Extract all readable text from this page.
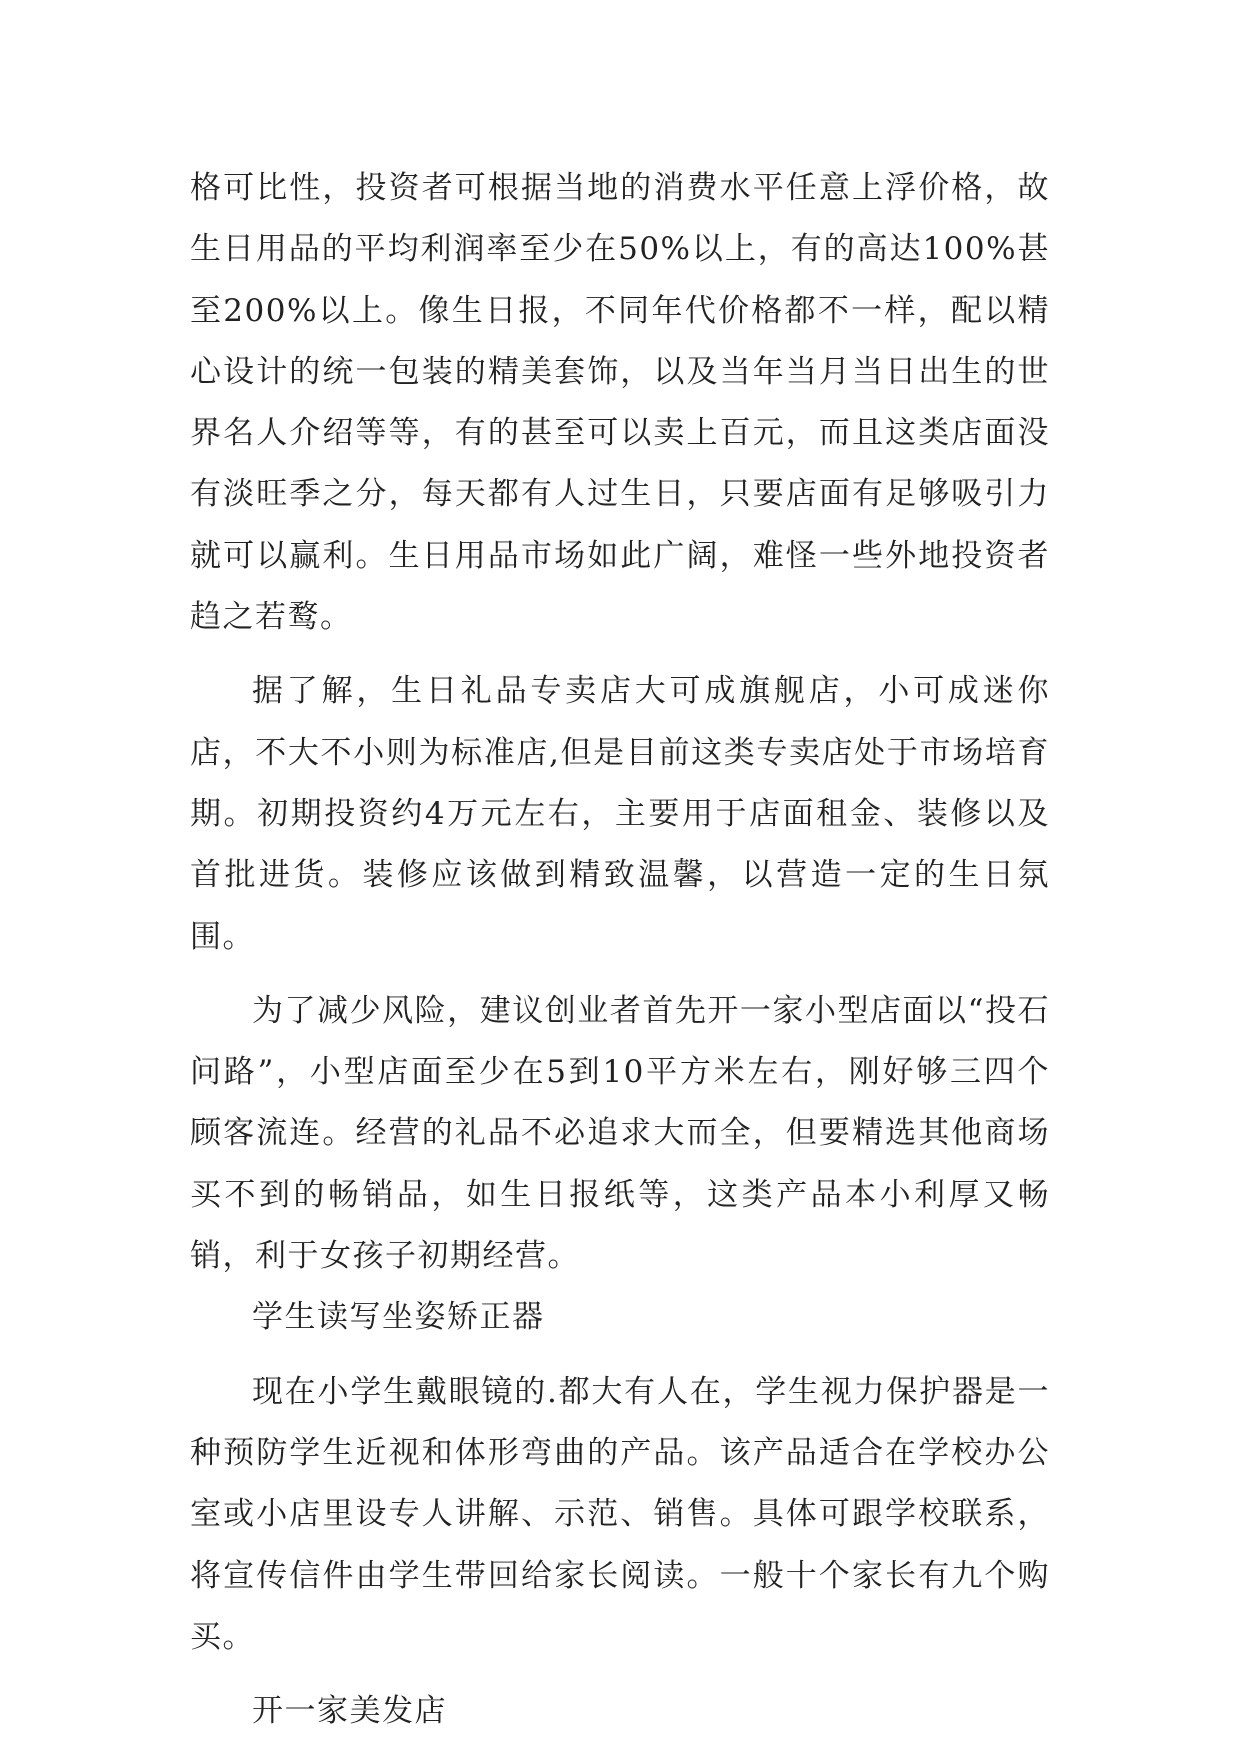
格可比性，投资者可根据当地的消费水平任意上浮价格，故生日用品的平均利润率至少在50%以上，有的高达100%甚至200%以上。像生日报，不同年代价格都不一样，配以精心设计的统一包装的精美套饰，以及当年当月当日出生的世界名人介绍等等，有的甚至可以卖上百元，而且这类店面没有淡旺季之分，每天都有人过生日，只要店面有足够吸引力就可以赢利。生日用品市场如此广阔，难怪一些外地投资者趋之若鹜。

据了解，生日礼品专卖店大可成旗舰店，小可成迷你店，不大不小则为标准店,但是目前这类专卖店处于市场培育期。初期投资约4万元左右，主要用于店面租金、装修以及首批进货。装修应该做到精致温馨，以营造一定的生日氛围。

为了减少风险，建议创业者首先开一家小型店面以“投石问路”，小型店面至少在5到10平方米左右，刚好够三四个顾客流连。经营的礼品不必追求大而全，但要精选其他商场买不到的畅销品，如生日报纸等，这类产品本小利厚又畅销，利于女孩子初期经营。

学生读写坐姿矫正器

现在小学生戴眼镜的.都大有人在，学生视力保护器是一种预防学生近视和体形弯曲的产品。该产品适合在学校办公室或小店里设专人讲解、示范、销售。具体可跟学校联系，将宣传信件由学生带回给家长阅读。一般十个家长有九个购买。

开一家美发店
